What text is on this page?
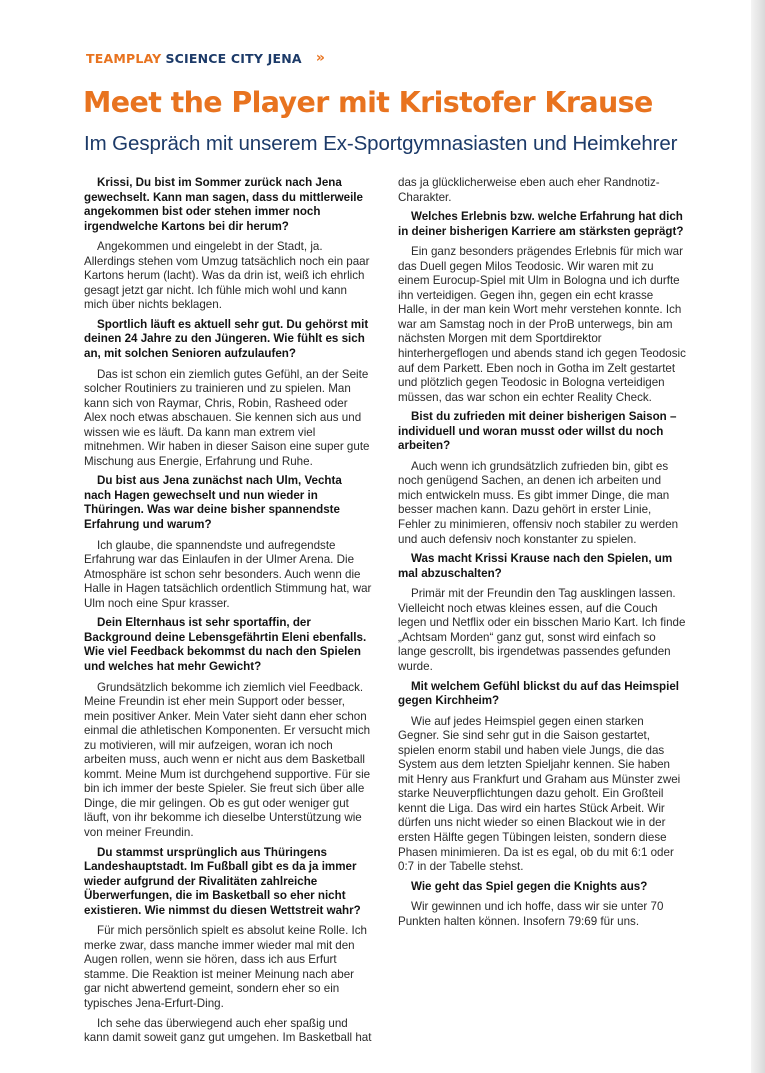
TEAMPLAY SCIENCE CITY JENA »
Meet the Player mit Kristofer Krause
Im Gespräch mit unserem Ex-Sportgymnasiasten und Heimkehrer

Krissi, Du bist im Sommer zurück nach Jena gewechselt. Kann man sagen, dass du mittlerweile angekommen bist oder stehen immer noch irgendwelche Kartons bei dir herum?

Angekommen und eingelebt in der Stadt, ja. Allerdings stehen vom Umzug tatsächlich noch ein paar Kartons herum (lacht). Was da drin ist, weiß ich ehrlich gesagt jetzt gar nicht. Ich fühle mich wohl und kann mich über nichts beklagen.

Sportlich läuft es aktuell sehr gut. Du gehörst mit deinen 24 Jahre zu den Jüngeren. Wie fühlt es sich an, mit solchen Senioren aufzulaufen?

Das ist schon ein ziemlich gutes Gefühl, an der Seite solcher Routiniers zu trainieren und zu spielen. Man kann sich von Raymar, Chris, Robin, Rasheed oder Alex noch etwas abschauen. Sie kennen sich aus und wissen wie es läuft. Da kann man extrem viel mitnehmen. Wir haben in dieser Saison eine super gute Mischung aus Energie, Erfahrung und Ruhe.

Du bist aus Jena zunächst nach Ulm, Vechta nach Hagen gewechselt und nun wieder in Thüringen. Was war deine bisher spannendste Erfahrung und warum?

Ich glaube, die spannendste und aufregendste Erfahrung war das Einlaufen in der Ulmer Arena. Die Atmosphäre ist schon sehr besonders. Auch wenn die Halle in Hagen tatsächlich ordentlich Stimmung hat, war Ulm noch eine Spur krasser.

Dein Elternhaus ist sehr sportaffin, der Background deine Lebensgefährtin Eleni ebenfalls. Wie viel Feedback bekommst du nach den Spielen und welches hat mehr Gewicht?

Grundsätzlich bekomme ich ziemlich viel Feedback. Meine Freundin ist eher mein Support oder besser, mein positiver Anker. Mein Vater sieht dann eher schon einmal die athletischen Komponenten. Er versucht mich zu motivieren, will mir aufzeigen, woran ich noch arbeiten muss, auch wenn er nicht aus dem Basketball kommt. Meine Mum ist durchgehend supportive. Für sie bin ich immer der beste Spieler. Sie freut sich über alle Dinge, die mir gelingen. Ob es gut oder weniger gut läuft, von ihr bekomme ich dieselbe Unterstützung wie von meiner Freundin.

Du stammst ursprünglich aus Thüringens Landeshauptstadt. Im Fußball gibt es da ja immer wieder aufgrund der Rivalitäten zahlreiche Überwerfungen, die im Basketball so eher nicht existieren. Wie nimmst du diesen Wettstreit wahr?

Für mich persönlich spielt es absolut keine Rolle. Ich merke zwar, dass manche immer wieder mal mit den Augen rollen, wenn sie hören, dass ich aus Erfurt stamme. Die Reaktion ist meiner Meinung nach aber gar nicht abwertend gemeint, sondern eher so ein typisches Jena-Erfurt-Ding.

Ich sehe das überwiegend auch eher spaßig und kann damit soweit ganz gut umgehen. Im Basketball hat das ja glücklicherweise eben auch eher Randnotiz-Charakter.

Welches Erlebnis bzw. welche Erfahrung hat dich in deiner bisherigen Karriere am stärksten geprägt?

Ein ganz besonders prägendes Erlebnis für mich war das Duell gegen Milos Teodosic. Wir waren mit zu einem Eurocup-Spiel mit Ulm in Bologna und ich durfte ihn verteidigen. Gegen ihn, gegen ein echt krasse Halle, in der man kein Wort mehr verstehen konnte. Ich war am Samstag noch in der ProB unterwegs, bin am nächsten Morgen mit dem Sportdirektor hinterhergeflogen und abends stand ich gegen Teodosic auf dem Parkett. Eben noch in Gotha im Zelt gestartet und plötzlich gegen Teodosic in Bologna verteidigen müssen, das war schon ein echter Reality Check.

Bist du zufrieden mit deiner bisherigen Saison – individuell und woran musst oder willst du noch arbeiten?

Auch wenn ich grundsätzlich zufrieden bin, gibt es noch genügend Sachen, an denen ich arbeiten und mich entwickeln muss. Es gibt immer Dinge, die man besser machen kann. Dazu gehört in erster Linie, Fehler zu minimieren, offensiv noch stabiler zu werden und auch defensiv noch konstanter zu spielen.

Was macht Krissi Krause nach den Spielen, um mal abzuschalten?

Primär mit der Freundin den Tag ausklingen lassen. Vielleicht noch etwas kleines essen, auf die Couch legen und Netflix oder ein bisschen Mario Kart. Ich finde „Achtsam Morden“ ganz gut, sonst wird einfach so lange gescrollt, bis irgendetwas passendes gefunden wurde.

Mit welchem Gefühl blickst du auf das Heimspiel gegen Kirchheim?

Wie auf jedes Heimspiel gegen einen starken Gegner. Sie sind sehr gut in die Saison gestartet, spielen enorm stabil und haben viele Jungs, die das System aus dem letzten Spieljahr kennen. Sie haben mit Henry aus Frankfurt und Graham aus Münster zwei starke Neuverpflichtungen dazu geholt. Ein Großteil kennt die Liga. Das wird ein hartes Stück Arbeit. Wir dürfen uns nicht wieder so einen Blackout wie in der ersten Hälfte gegen Tübingen leisten, sondern diese Phasen minimieren. Da ist es egal, ob du mit 6:1 oder 0:7 in der Tabelle stehst.

Wie geht das Spiel gegen die Knights aus?

Wir gewinnen und ich hoffe, dass wir sie unter 70 Punkten halten können. Insofern 79:69 für uns.
